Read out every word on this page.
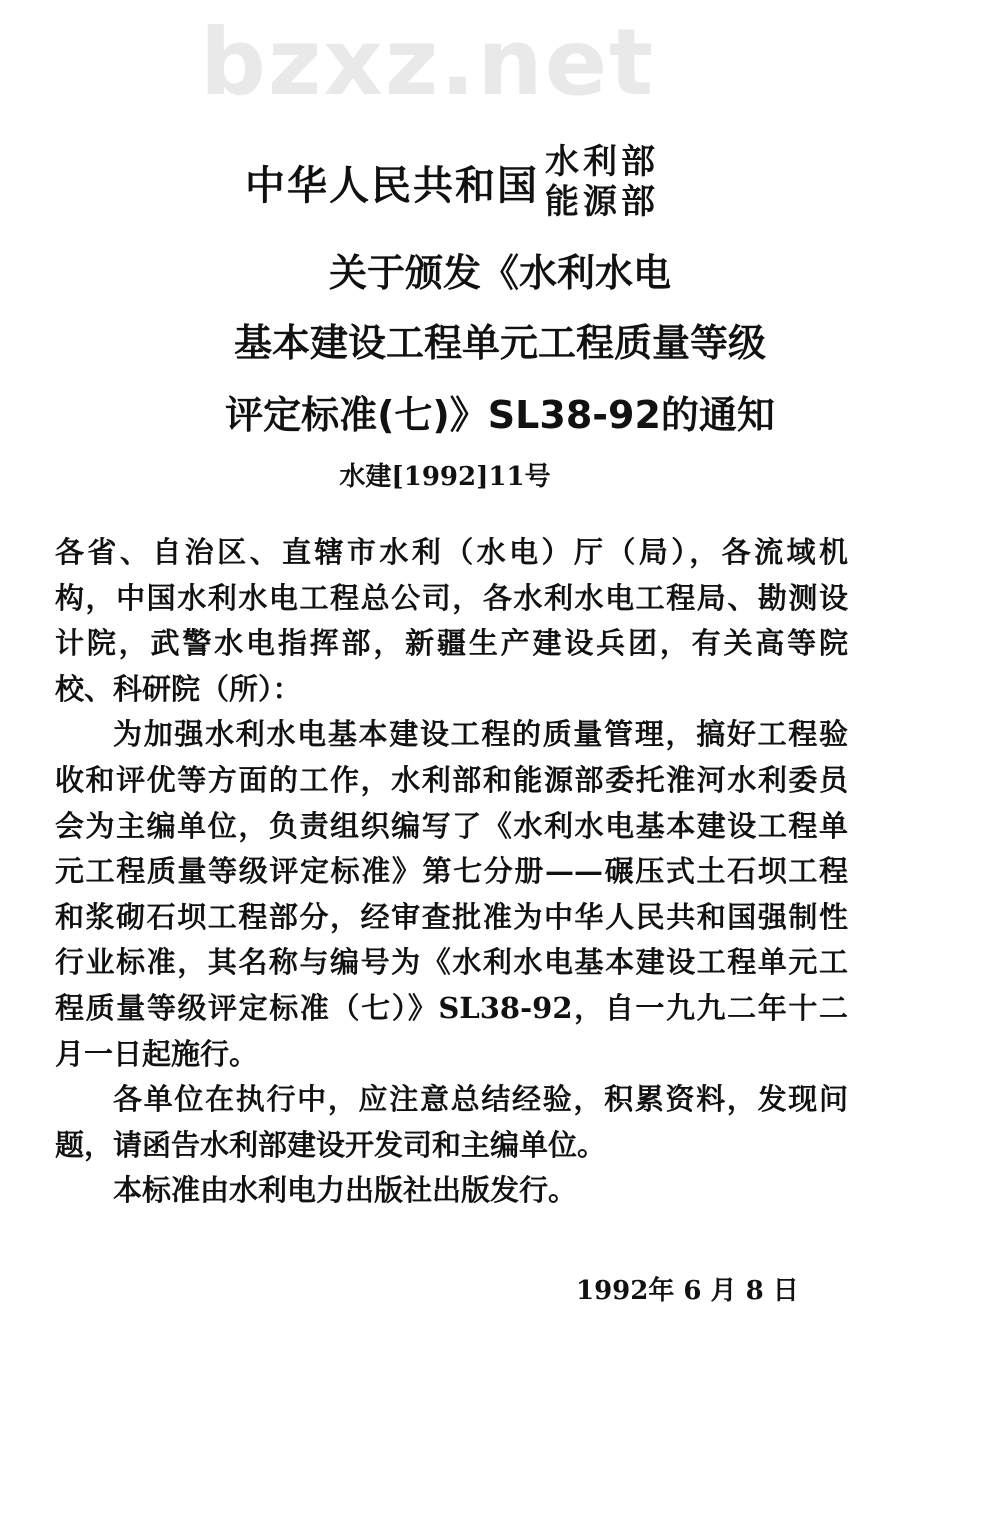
bzxz.net
中华人民共和国 水利部
能源部
关于颁发《水利水电
基本建设工程单元工程质量等级
评定标准(七)》SL38-92的通知
水建[1992]11号
各省、自治区、直辖市水利（水电）厅（局），各流域机
构，中国水利水电工程总公司，各水利水电工程局、勘测设
计院，武警水电指挥部，新疆生产建设兵团，有关高等院
校、科研院（所）：
为加强水利水电基本建设工程的质量管理，搞好工程验
收和评优等方面的工作，水利部和能源部委托淮河水利委员
会为主编单位，负责组织编写了《水利水电基本建设工程单
元工程质量等级评定标准》第七分册——碾压式土石坝工程
和浆砌石坝工程部分，经审查批准为中华人民共和国强制性
行业标准，其名称与编号为《水利水电基本建设工程单元工
程质量等级评定标准（七）》SL38-92，自一九九二年十二
月一日起施行。
各单位在执行中，应注意总结经验，积累资料，发现问
题，请函告水利部建设开发司和主编单位。
本标准由水利电力出版社出版发行。
1992年 6 月 8 日
